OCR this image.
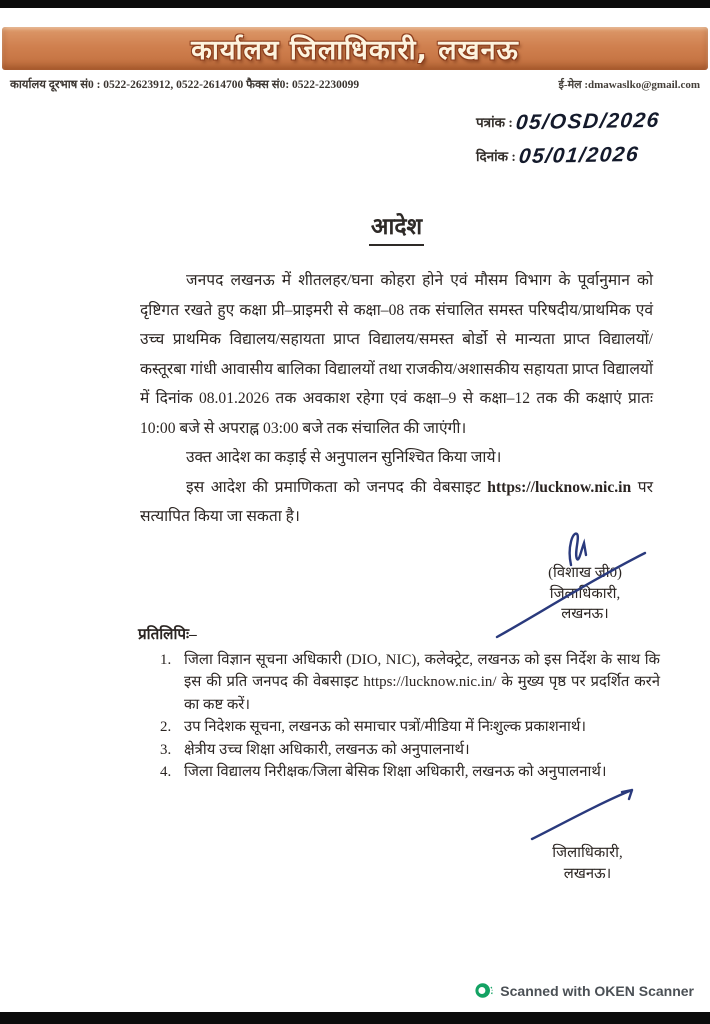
कार्यालय जिलाधिकारी, लखनऊ
कार्यालय दूरभाष सं0 : 0522-2623912, 0522-2614700 फैक्स सं0: 0522-2230099	ई-मेल :dmawaslko@gmail.com
पत्रांक :
05/OSD/2026
दिनांक :
05/01/2026
आदेश

जनपद लखनऊ में शीतलहर/घना कोहरा होने एवं मौसम विभाग के पूर्वानुमान को दृष्टिगत रखते हुए कक्षा प्री–प्राइमरी से कक्षा–08 तक संचालित समस्त परिषदीय/प्राथमिक एवं उच्च प्राथमिक विद्यालय/सहायता प्राप्त विद्यालय/समस्त बोर्डो से मान्यता प्राप्त विद्यालयों/कस्तूरबा गांधी आवासीय बालिका विद्यालयों तथा राजकीय/अशासकीय सहायता प्राप्त विद्यालयों में दिनांक 08.01.2026 तक अवकाश रहेगा एवं कक्षा–9 से कक्षा–12 तक की कक्षाएं प्रातः 10:00 बजे से अपराह्न 03:00 बजे तक संचालित की जाएंगी।

उक्त आदेश का कड़ाई से अनुपालन सुनिश्चित किया जाये।

इस आदेश की प्रमाणिकता को जनपद की वेबसाइट https://lucknow.nic.in पर सत्यापित किया जा सकता है।

(विशाख जी0)
जिलाधिकारी,
लखनऊ।
प्रतिलिपिः–
1. जिला विज्ञान सूचना अधिकारी (DIO, NIC), कलेक्ट्रेट, लखनऊ को इस निर्देश के साथ कि इस की प्रति जनपद की वेबसाइट https://lucknow.nic.in/ के मुख्य पृष्ठ पर प्रदर्शित करने का कष्ट करें।
2. उप निदेशक सूचना, लखनऊ को समाचार पत्रों/मीडिया में निःशुल्क प्रकाशनार्थ।
3. क्षेत्रीय उच्च शिक्षा अधिकारी, लखनऊ को अनुपालनार्थ।
4. जिला विद्यालय निरीक्षक/जिला बेसिक शिक्षा अधिकारी, लखनऊ को अनुपालनार्थ।
जिलाधिकारी,
लखनऊ।
Scanned with OKEN Scanner
